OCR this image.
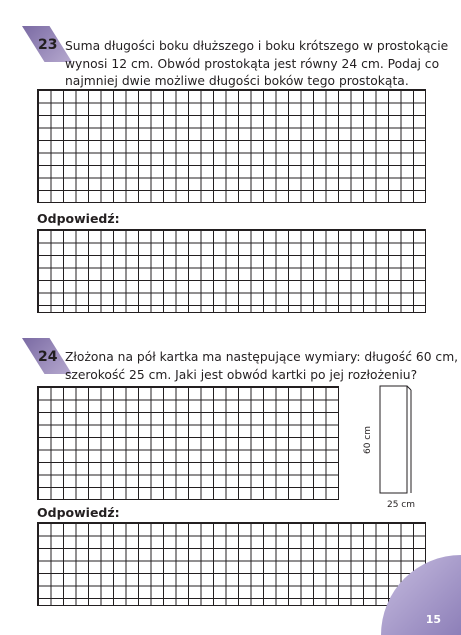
23 Suma długości boku dłuższego i boku krótszego w prostokącie
wynosi 12 cm. Obwód prostokąta jest równy 24 cm. Podaj co
najmniej dwie możliwe długości boków tego prostokąta.
Odpowiedź:
24 Złożona na pół kartka ma następujące wymiary: długość 60 cm,
szerokość 25 cm. Jaki jest obwód kartki po jej rozłożeniu?
60 cm
25 cm
Odpowiedź:
15
